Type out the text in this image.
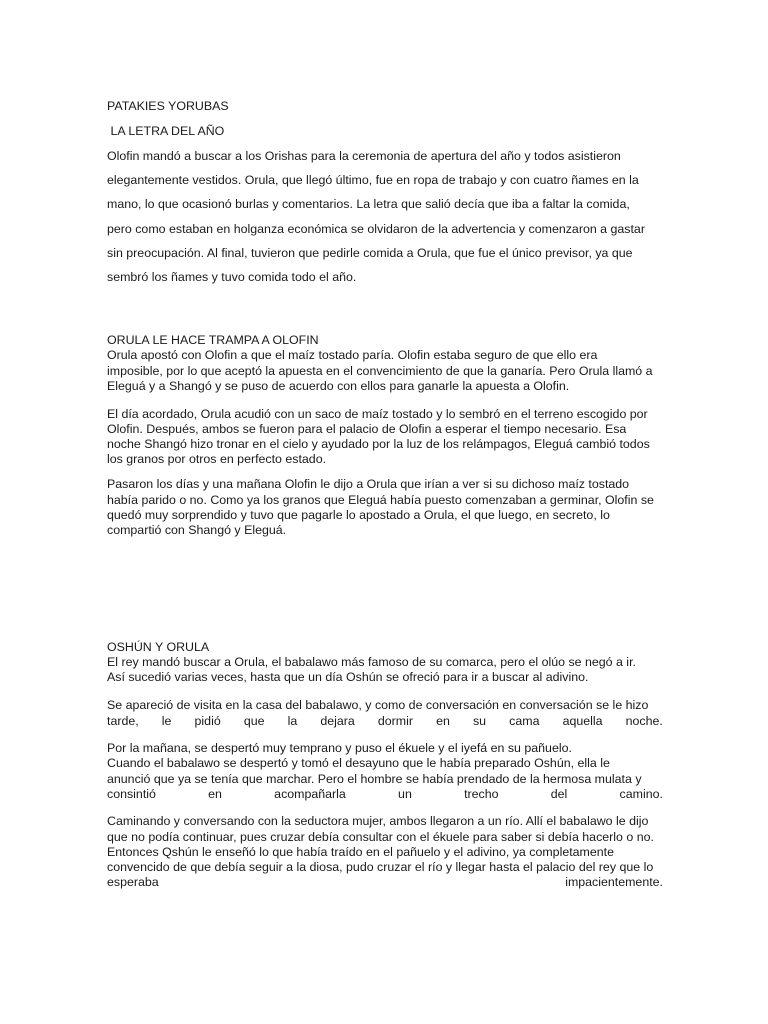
PATAKIES YORUBAS
LA LETRA DEL AÑO
Olofin mandó a buscar a los Orishas para la ceremonia de apertura del año y todos asistieron
elegantemente vestidos. Orula, que llegó último, fue en ropa de trabajo y con cuatro ñames en la
mano, lo que ocasionó burlas y comentarios. La letra que salió decía que iba a faltar la comida,
pero como estaban en holganza económica se olvidaron de la advertencia y comenzaron a gastar
sin preocupación. Al final, tuvieron que pedirle comida a Orula, que fue el único previsor, ya que
sembró los ñames y tuvo comida todo el año.
ORULA LE HACE TRAMPA A OLOFIN
Orula apostó con Olofin a que el maíz tostado paría. Olofin estaba seguro de que ello era
imposible, por lo que aceptó la apuesta en el convencimiento de que la ganaría. Pero Orula llamó a
Eleguá y a Shangó y se puso de acuerdo con ellos para ganarle la apuesta a Olofin.
El día acordado, Orula acudió con un saco de maíz tostado y lo sembró en el terreno escogido por
Olofin. Después, ambos se fueron para el palacio de Olofin a esperar el tiempo necesario. Esa
noche Shangó hizo tronar en el cielo y ayudado por la luz de los relámpagos, Eleguá cambió todos
los granos por otros en perfecto estado.
Pasaron los días y una mañana Olofin le dijo a Orula que irían a ver si su dichoso maíz tostado
había parido o no. Como ya los granos que Eleguá había puesto comenzaban a germinar, Olofin se
quedó muy sorprendido y tuvo que pagarle lo apostado a Orula, el que luego, en secreto, lo
compartió con Shangó y Eleguá.
OSHÚN Y ORULA
El rey mandó buscar a Orula, el babalawo más famoso de su comarca, pero el olúo se negó a ir.
Así sucedió varias veces, hasta que un día Oshún se ofreció para ir a buscar al adivino.
Se apareció de visita en la casa del babalawo, y como de conversación en conversación se le hizo
tarde, le pidió que la dejara dormir en su cama aquella noche.
Por la mañana, se despertó muy temprano y puso el ékuele y el iyefá en su pañuelo.
Cuando el babalawo se despertó y tomó el desayuno que le había preparado Oshún, ella le
anunció que ya se tenía que marchar. Pero el hombre se había prendado de la hermosa mulata y
consintió	en	acompañarla	un	trecho	del	camino.
Caminando y conversando con la seductora mujer, ambos llegaron a un río. Allí el babalawo le dijo
que no podía continuar, pues cruzar debía consultar con el ékuele para saber si debía hacerlo o no.
Entonces Qshún le enseñó lo que había traído en el pañuelo y el adivino, ya completamente
convencido de que debía seguir a la diosa, pudo cruzar el río y llegar hasta el palacio del rey que lo
esperaba	impacientemente.
